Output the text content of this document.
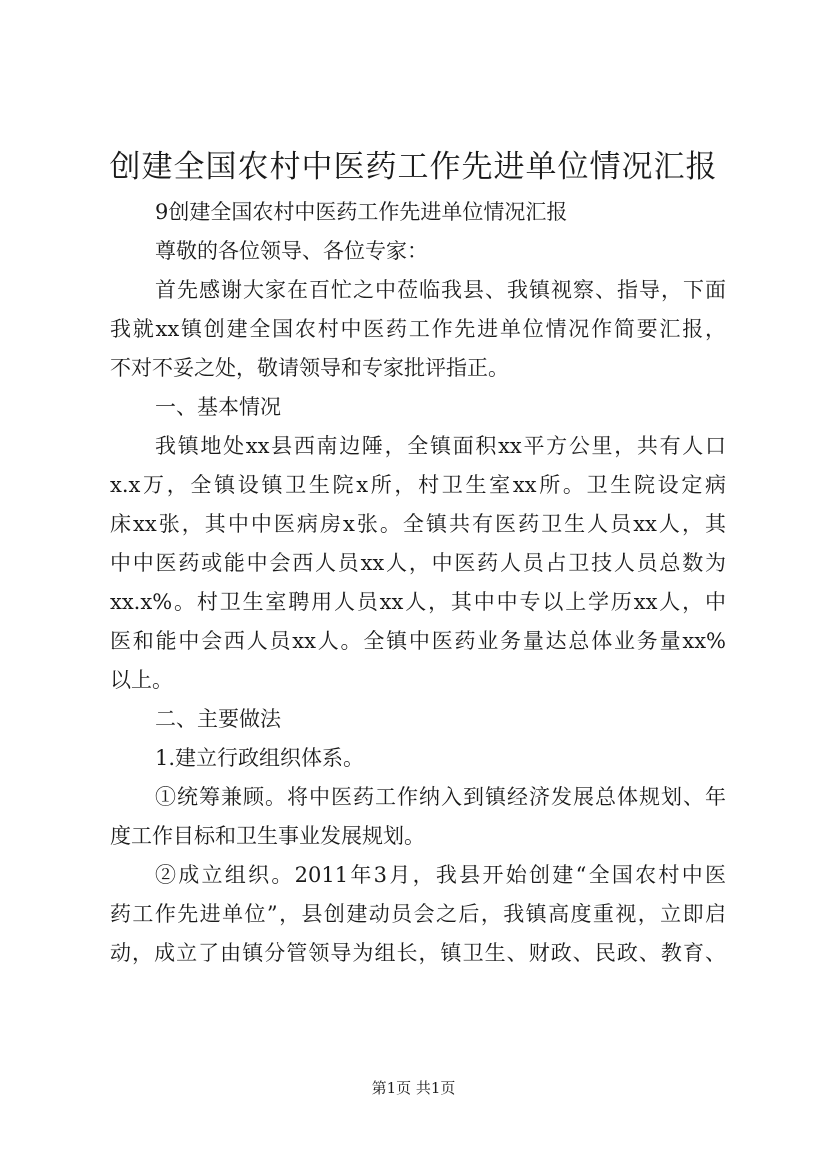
创建全国农村中医药工作先进单位情况汇报

9创建全国农村中医药工作先进单位情况汇报

尊敬的各位领导、各位专家：

首先感谢大家在百忙之中莅临我县、我镇视察、指导，下面

我就xx镇创建全国农村中医药工作先进单位情况作简要汇报，

不对不妥之处，敬请领导和专家批评指正。

一、基本情况

我镇地处xx县西南边陲，全镇面积xx平方公里，共有人口

x.x万，全镇设镇卫生院x所，村卫生室xx所。卫生院设定病

床xx张，其中中医病房x张。全镇共有医药卫生人员xx人，其

中中医药或能中会西人员xx人，中医药人员占卫技人员总数为

xx.x%。村卫生室聘用人员xx人，其中中专以上学历xx人，中

医和能中会西人员xx人。全镇中医药业务量达总体业务量xx%

以上。

二、主要做法

1.建立行政组织体系。

①统筹兼顾。将中医药工作纳入到镇经济发展总体规划、年

度工作目标和卫生事业发展规划。

②成立组织。2011年3月，我县开始创建“全国农村中医

药工作先进单位”，县创建动员会之后，我镇高度重视，立即启

动，成立了由镇分管领导为组长，镇卫生、财政、民政、教育、

第1页 共1页
